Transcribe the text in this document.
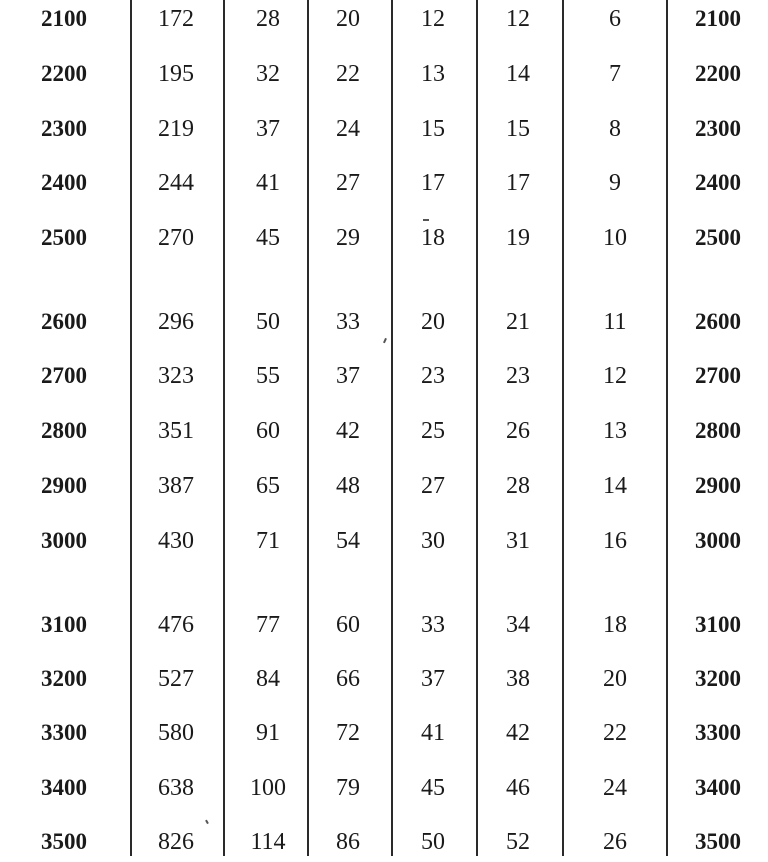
2100	172	28	20	12	12	6	2100
2200	195	32	22	13	14	7	2200
2300	219	37	24	15	15	8	2300
2400	244	41	27	17	17	9	2400
2500	270	45	29	18	19	10	2500
2600	296	50	33	20	21	11	2600
2700	323	55	37	23	23	12	2700
2800	351	60	42	25	26	13	2800
2900	387	65	48	27	28	14	2900
3000	430	71	54	30	31	16	3000
3100	476	77	60	33	34	18	3100
3200	527	84	66	37	38	20	3200
3300	580	91	72	41	42	22	3300
3400	638	100	79	45	46	24	3400
3500	826	114	86	50	52	26	3500
